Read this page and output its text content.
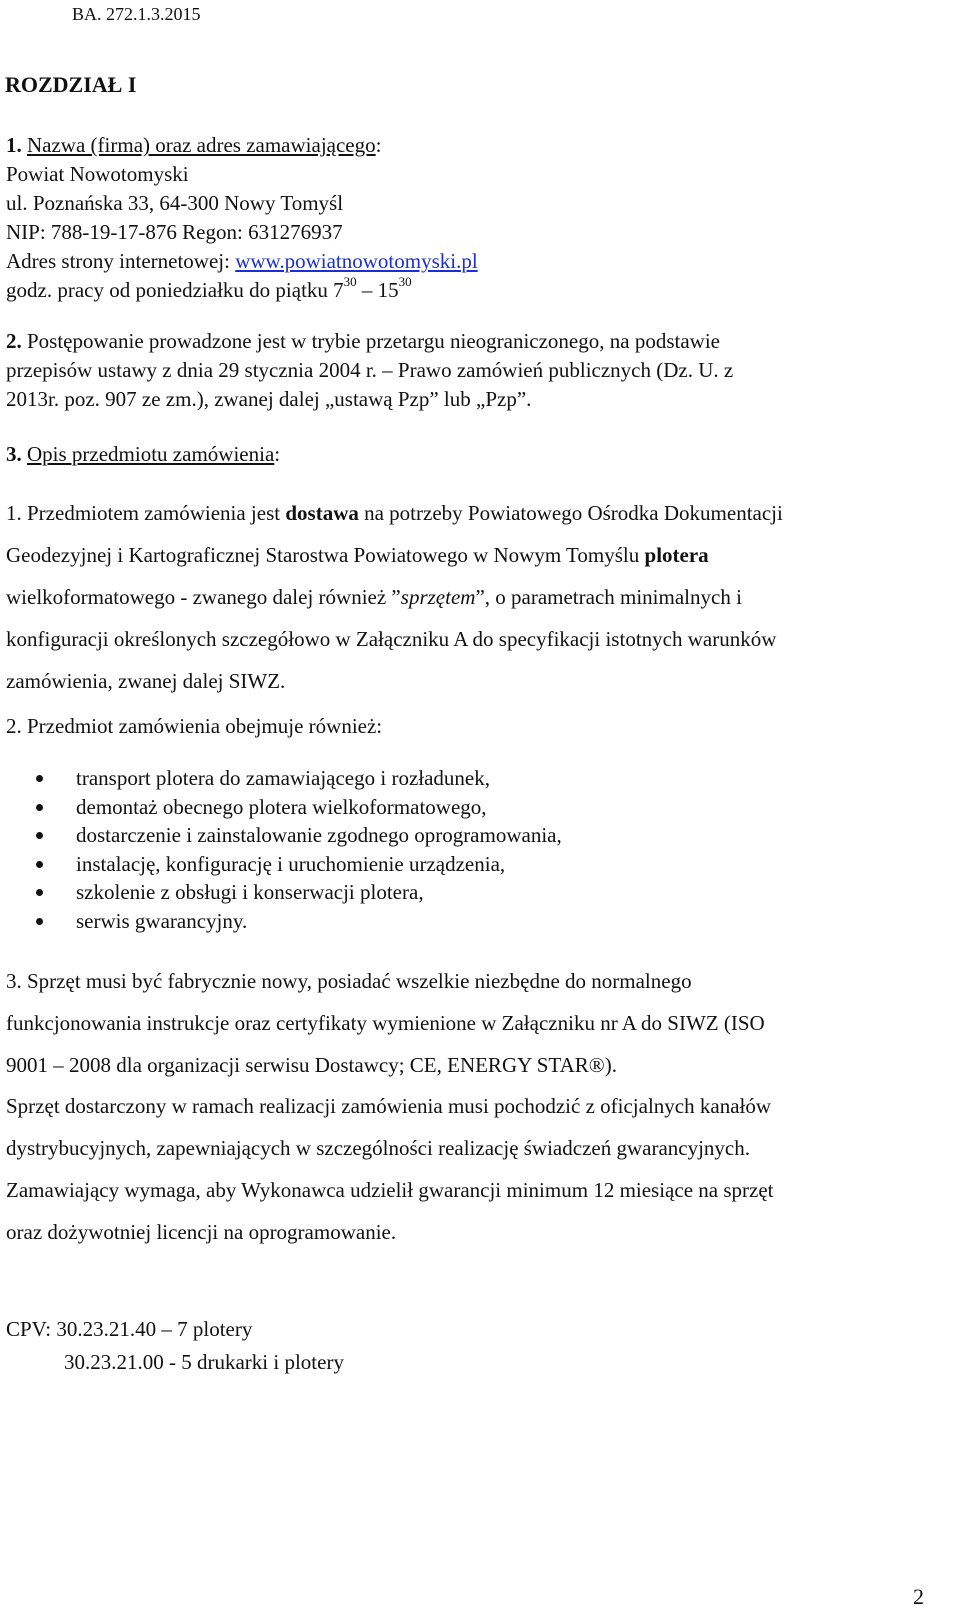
BA. 272.1.3.2015
ROZDZIAŁ I
1. Nazwa (firma) oraz adres zamawiającego:
Powiat Nowotomyski
ul. Poznańska 33, 64-300 Nowy Tomyśl
NIP: 788-19-17-876 Regon: 631276937
Adres strony internetowej: www.powiatnowotomyski.pl
godz. pracy od poniedziałku do piątku $7^{30} - 15^{30}$
2. Postępowanie prowadzone jest w trybie przetargu nieograniczonego, na podstawie
przepisów ustawy z dnia 29 stycznia 2004 r. – Prawo zamówień publicznych (Dz. U. z
2013r. poz. 907 ze zm.), zwanej dalej „ustawą Pzp” lub „Pzp”.
3. Opis przedmiotu zamówienia:
1. Przedmiotem zamówienia jest dostawa na potrzeby Powiatowego Ośrodka Dokumentacji
Geodezyjnej i Kartograficznej Starostwa Powiatowego w Nowym Tomyślu plotera
wielkoformatowego - zwanego dalej również ”sprzętem”, o parametrach minimalnych i
konfiguracji określonych szczegółowo w Załączniku A do specyfikacji istotnych warunków
zamówienia, zwanej dalej SIWZ.
2. Przedmiot zamówienia obejmuje również:
transport plotera do zamawiającego i rozładunek,
demontaż obecnego plotera wielkoformatowego,
dostarczenie i zainstalowanie zgodnego oprogramowania,
instalację, konfigurację i uruchomienie urządzenia,
szkolenie z obsługi i konserwacji plotera,
serwis gwarancyjny.
3. Sprzęt musi być fabrycznie nowy, posiadać wszelkie niezbędne do normalnego
funkcjonowania instrukcje oraz certyfikaty wymienione w Załączniku nr A do SIWZ (ISO
9001 – 2008 dla organizacji serwisu Dostawcy; CE, ENERGY STAR®).
Sprzęt dostarczony w ramach realizacji zamówienia musi pochodzić z oficjalnych kanałów
dystrybucyjnych, zapewniających w szczególności realizację świadczeń gwarancyjnych.
Zamawiający wymaga, aby Wykonawca udzielił gwarancji minimum 12 miesiące na sprzęt
oraz dożywotniej licencji na oprogramowanie.
CPV: 30.23.21.40 – 7 plotery
30.23.21.00 - 5 drukarki i plotery
2
